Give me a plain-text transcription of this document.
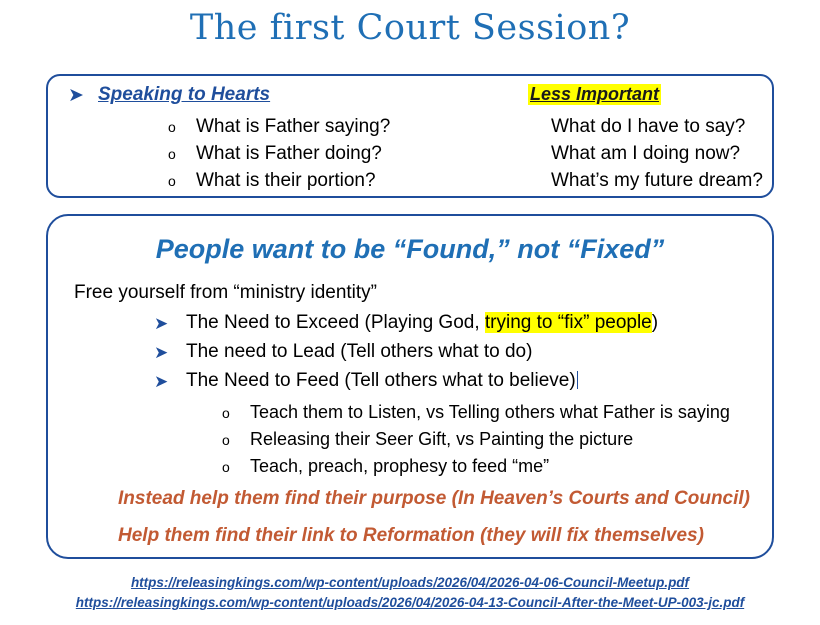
The first Court Session?
➤ Speaking to Hearts	Less Important
o What is Father saying?	What do I have to say?
o What is Father doing?	What am I doing now?
o What is their portion?	What’s my future dream?
People want to be “Found,” not “Fixed”
Free yourself from “ministry identity”
➤ The Need to Exceed (Playing God, trying to “fix” people)
➤ The need to Lead (Tell others what to do)
➤ The Need to Feed (Tell others what to believe)
o Teach them to Listen, vs Telling others what Father is saying
o Releasing their Seer Gift, vs Painting the picture
o Teach, preach, prophesy to feed “me”
Instead help them find their purpose (In Heaven’s Courts and Council)
Help them find their link to Reformation (they will fix themselves)
https://releasingkings.com/wp-content/uploads/2026/04/2026-04-06-Council-Meetup.pdf
https://releasingkings.com/wp-content/uploads/2026/04/2026-04-13-Council-After-the-Meet-UP-003-jc.pdf
